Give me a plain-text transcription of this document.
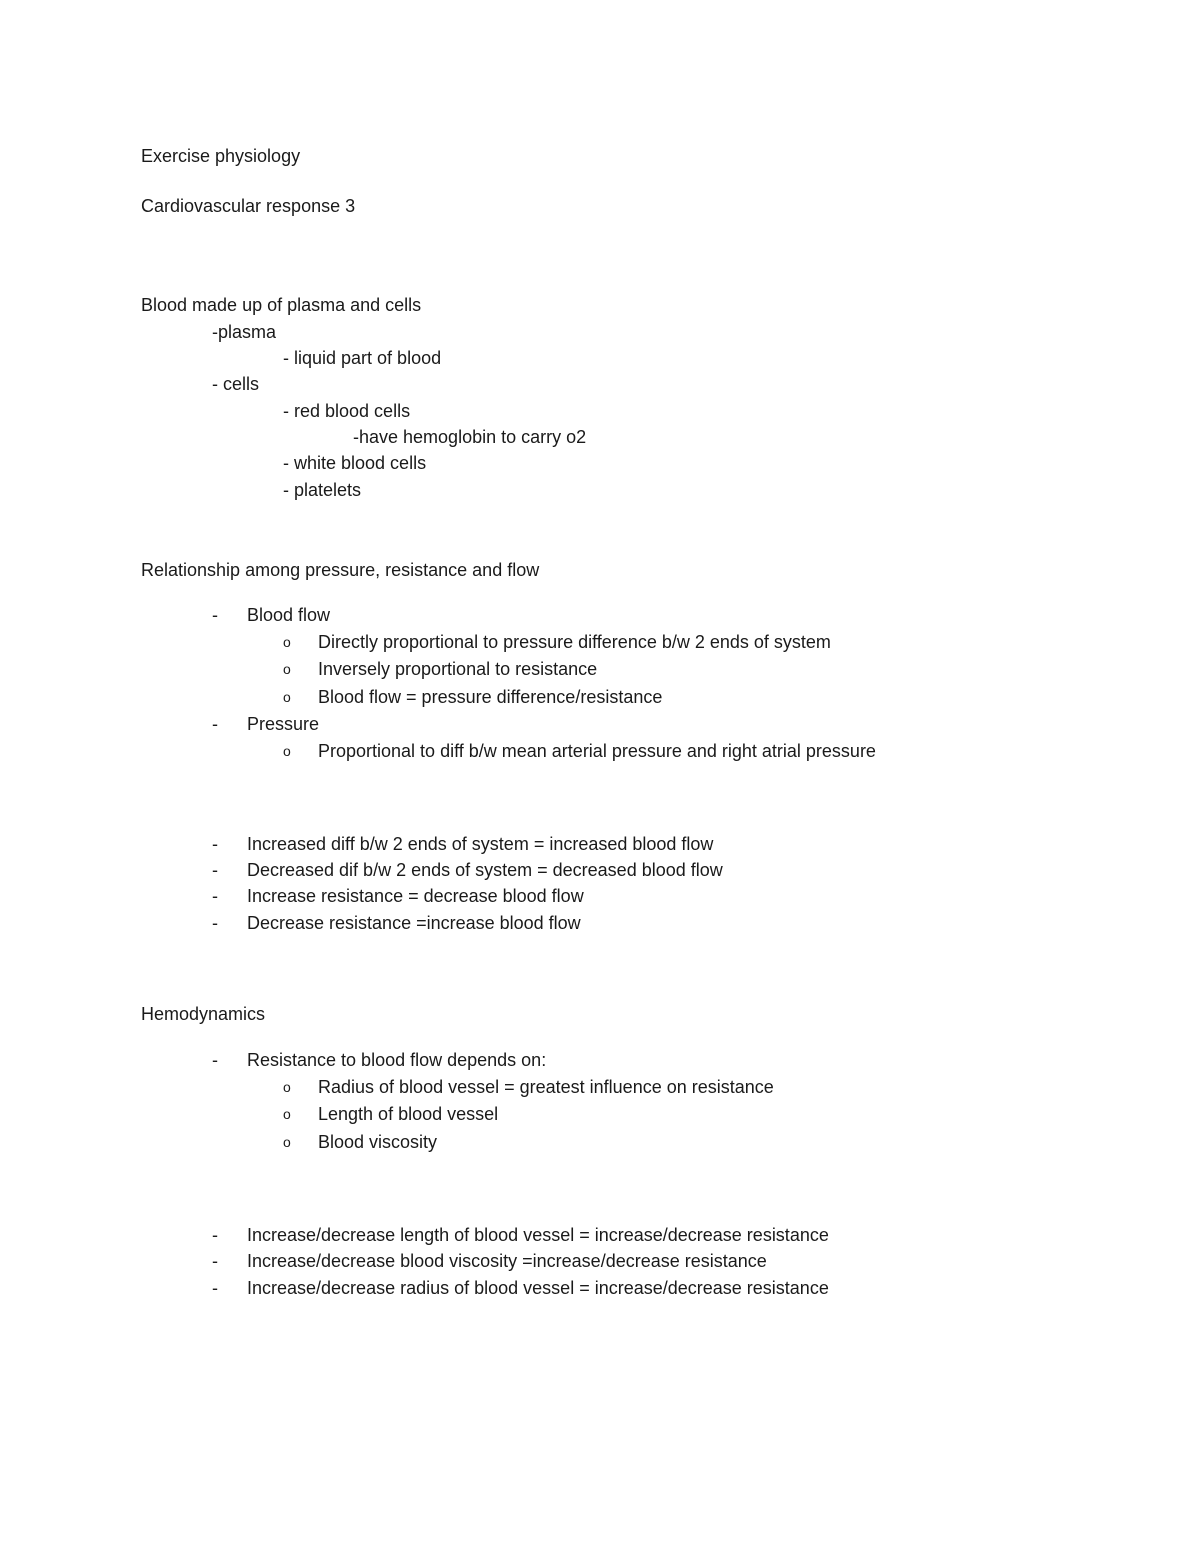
Exercise physiology
Cardiovascular response 3
Blood made up of plasma and cells
-plasma
- liquid part of blood
- cells
- red blood cells
-have hemoglobin to carry o2
- white blood cells
- platelets
Relationship among pressure, resistance and flow
- Blood flow
o Directly proportional to pressure difference b/w 2 ends of system
o Inversely proportional to resistance
o Blood flow = pressure difference/resistance
- Pressure
o Proportional to diff b/w mean arterial pressure and right atrial pressure
- Increased diff b/w 2 ends of system = increased blood flow
- Decreased dif b/w 2 ends of system = decreased blood flow
- Increase resistance = decrease blood flow
- Decrease resistance =increase blood flow
Hemodynamics
- Resistance to blood flow depends on:
o Radius of blood vessel = greatest influence on resistance
o Length of blood vessel
o Blood viscosity
- Increase/decrease length of blood vessel = increase/decrease resistance
- Increase/decrease blood viscosity =increase/decrease resistance
- Increase/decrease radius of blood vessel = increase/decrease resistance
